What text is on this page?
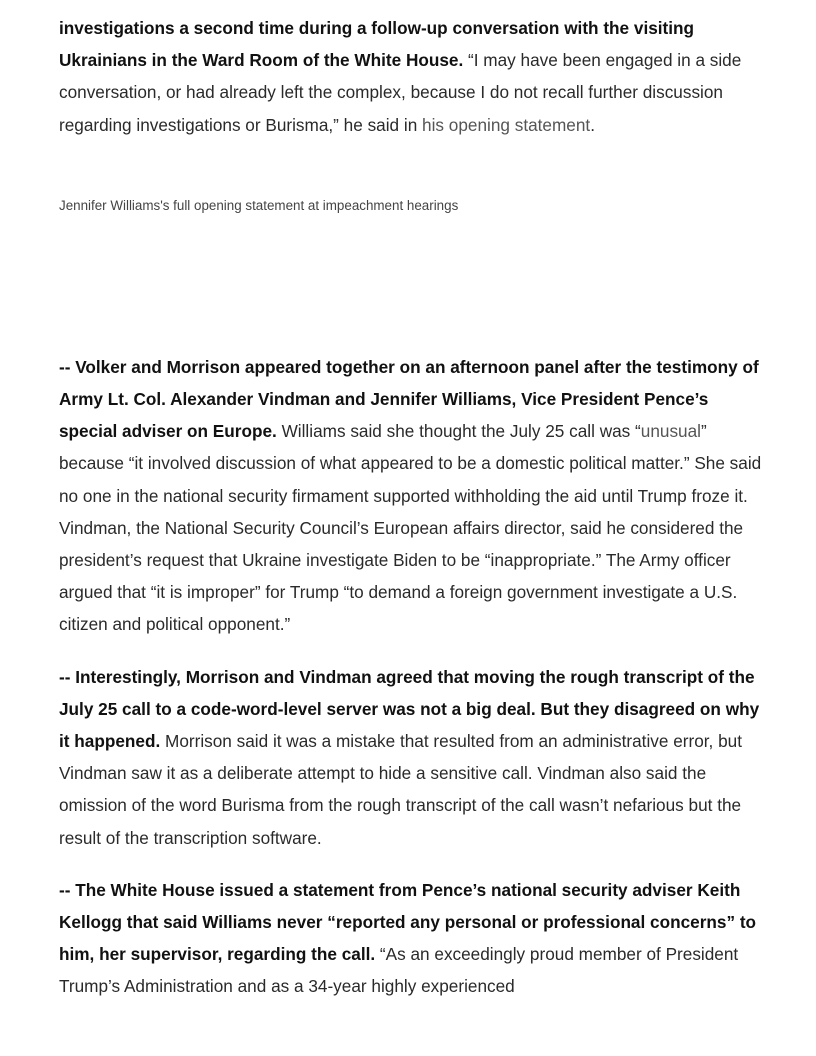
investigations a second time during a follow-up conversation with the visiting Ukrainians in the Ward Room of the White House. “I may have been engaged in a side conversation, or had already left the complex, because I do not recall further discussion regarding investigations or Burisma,” he said in his opening statement.

Jennifer Williams's full opening statement at impeachment hearings

-- Volker and Morrison appeared together on an afternoon panel after the testimony of Army Lt. Col. Alexander Vindman and Jennifer Williams, Vice President Pence’s special adviser on Europe. Williams said she thought the July 25 call was “unusual” because “it involved discussion of what appeared to be a domestic political matter.” She said no one in the national security firmament supported withholding the aid until Trump froze it. Vindman, the National Security Council’s European affairs director, said he considered the president’s request that Ukraine investigate Biden to be “inappropriate.” The Army officer argued that “it is improper” for Trump “to demand a foreign government investigate a U.S. citizen and political opponent.”

-- Interestingly, Morrison and Vindman agreed that moving the rough transcript of the July 25 call to a code-word-level server was not a big deal. But they disagreed on why it happened. Morrison said it was a mistake that resulted from an administrative error, but Vindman saw it as a deliberate attempt to hide a sensitive call. Vindman also said the omission of the word Burisma from the rough transcript of the call wasn’t nefarious but the result of the transcription software.

-- The White House issued a statement from Pence’s national security adviser Keith Kellogg that said Williams never “reported any personal or professional concerns” to him, her supervisor, regarding the call. “As an exceedingly proud member of President Trump’s Administration and as a 34-year highly experienced
